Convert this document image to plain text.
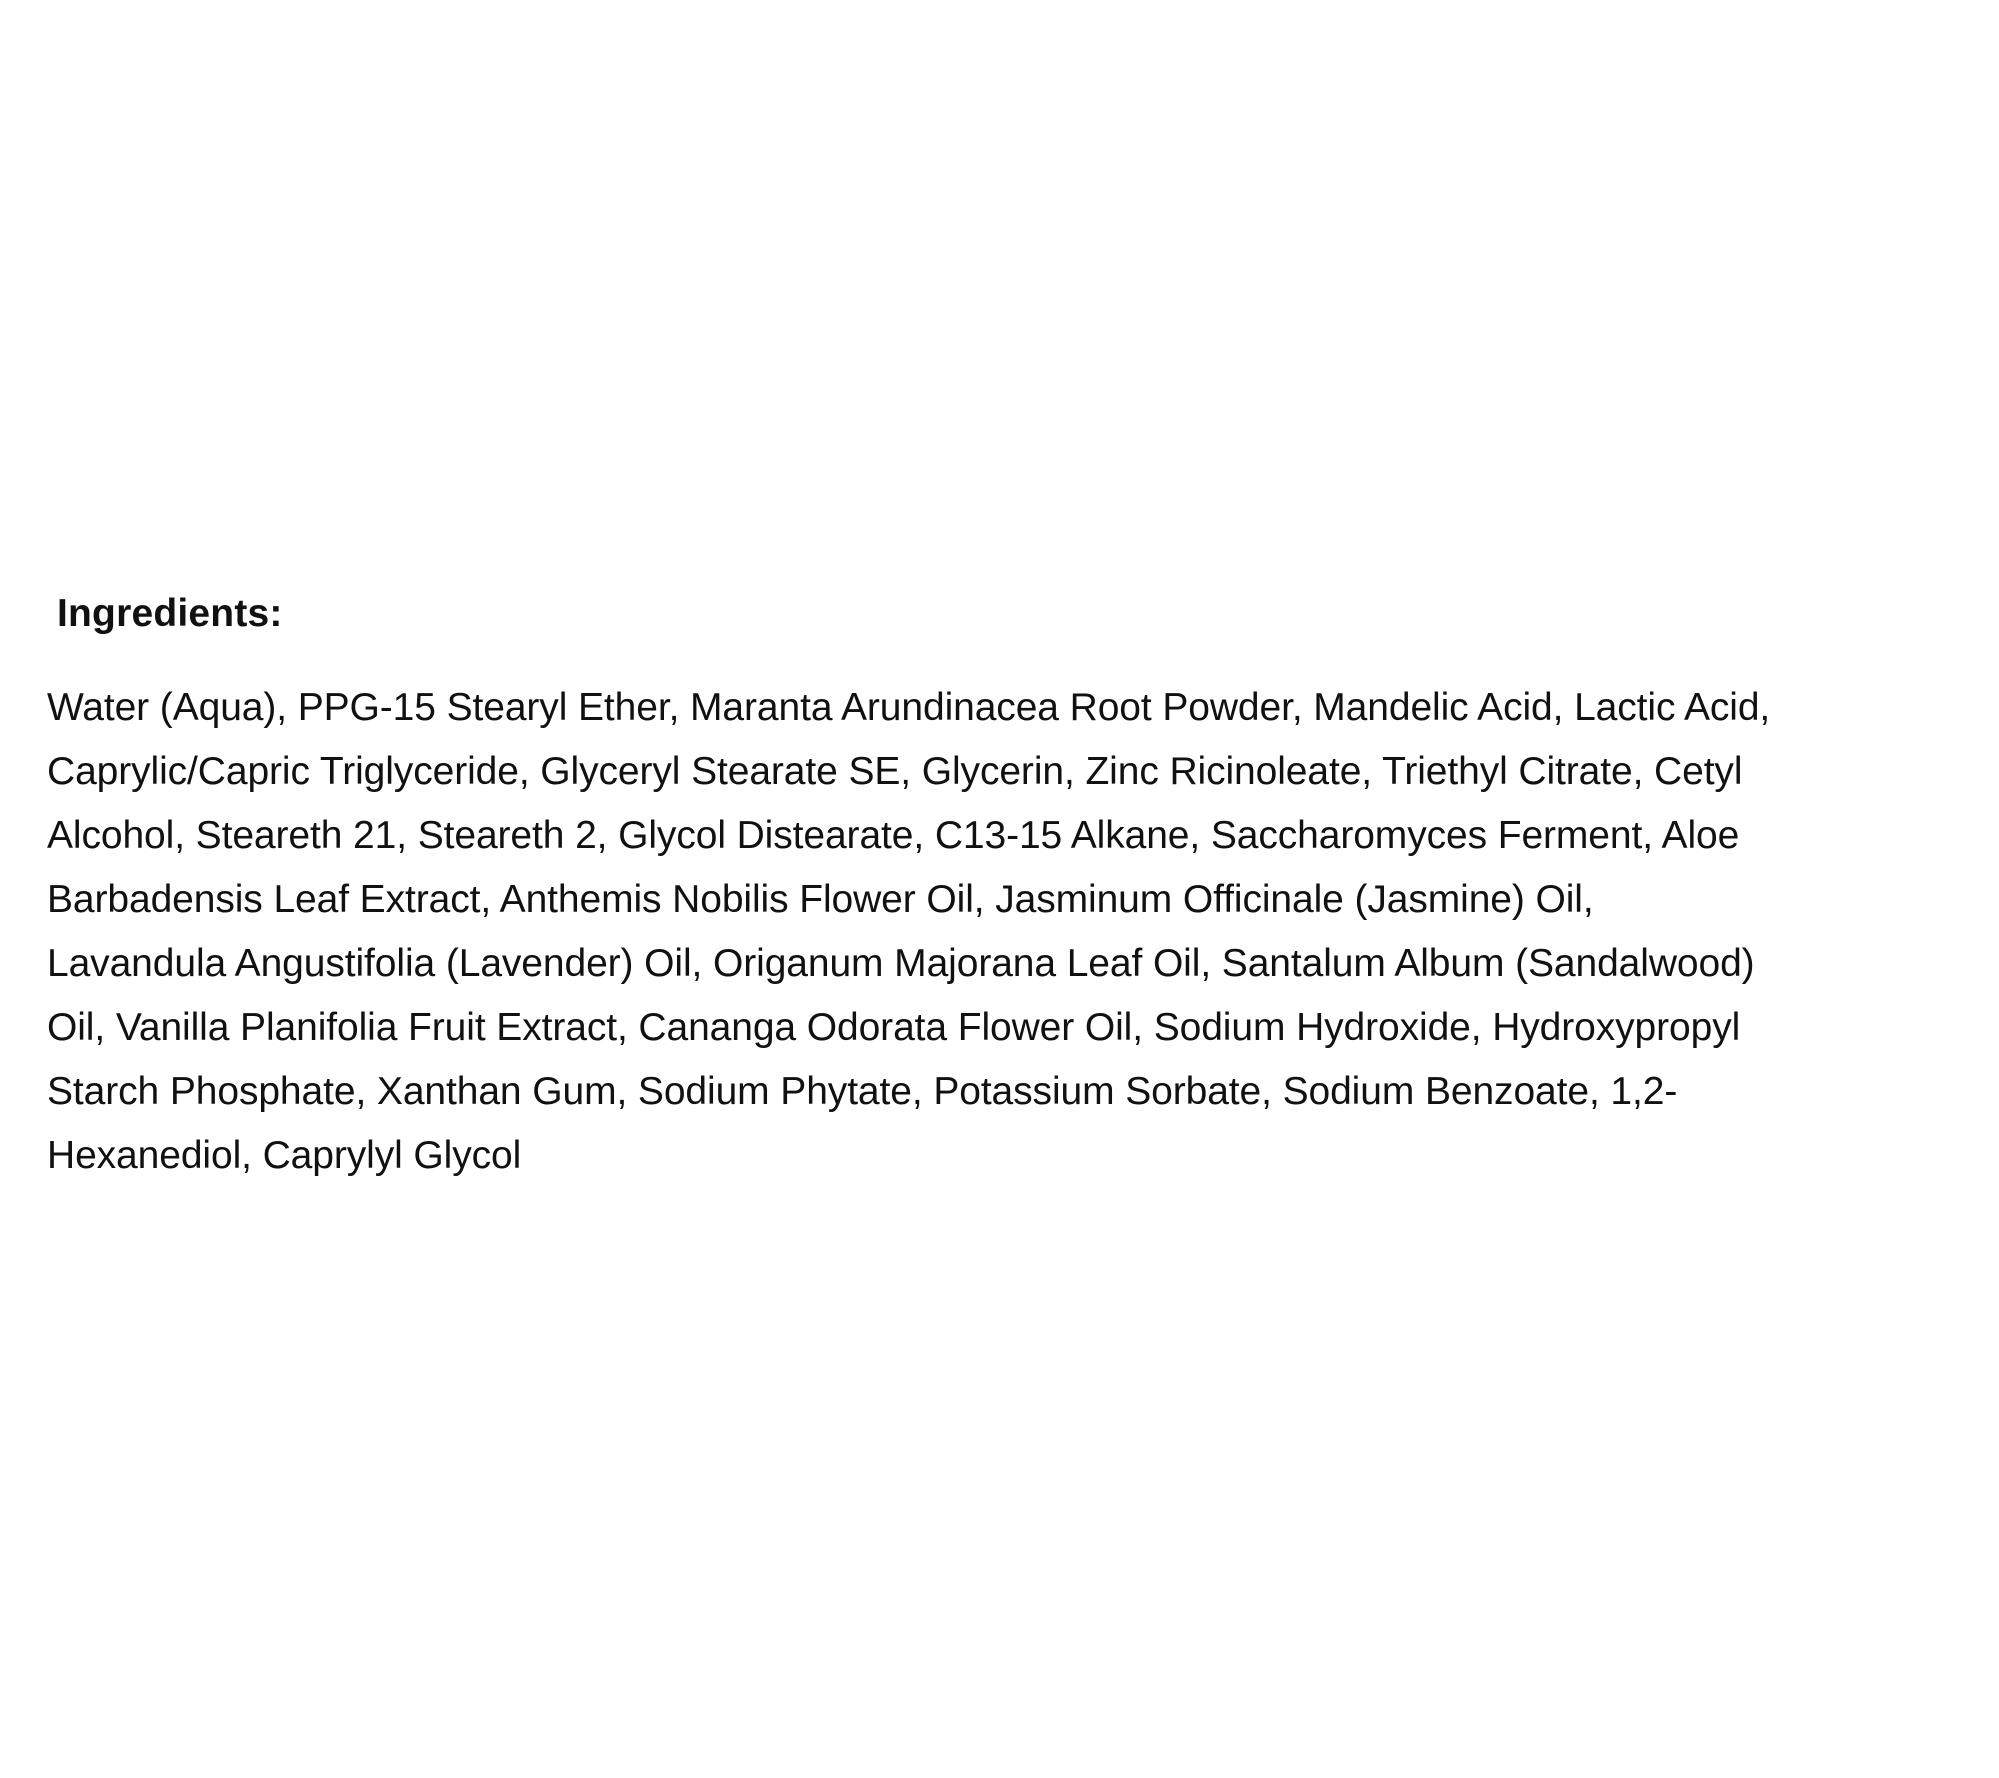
Ingredients:
Water (Aqua), PPG-15 Stearyl Ether, Maranta Arundinacea Root Powder, Mandelic Acid, Lactic Acid,
Caprylic/Capric Triglyceride, Glyceryl Stearate SE, Glycerin, Zinc Ricinoleate, Triethyl Citrate, Cetyl
Alcohol, Steareth 21, Steareth 2, Glycol Distearate, C13-15 Alkane, Saccharomyces Ferment, Aloe
Barbadensis Leaf Extract, Anthemis Nobilis Flower Oil, Jasminum Officinale (Jasmine) Oil,
Lavandula Angustifolia (Lavender) Oil, Origanum Majorana Leaf Oil, Santalum Album (Sandalwood)
Oil, Vanilla Planifolia Fruit Extract, Cananga Odorata Flower Oil, Sodium Hydroxide, Hydroxypropyl
Starch Phosphate, Xanthan Gum, Sodium Phytate, Potassium Sorbate, Sodium Benzoate, 1,2-
Hexanediol, Caprylyl Glycol
